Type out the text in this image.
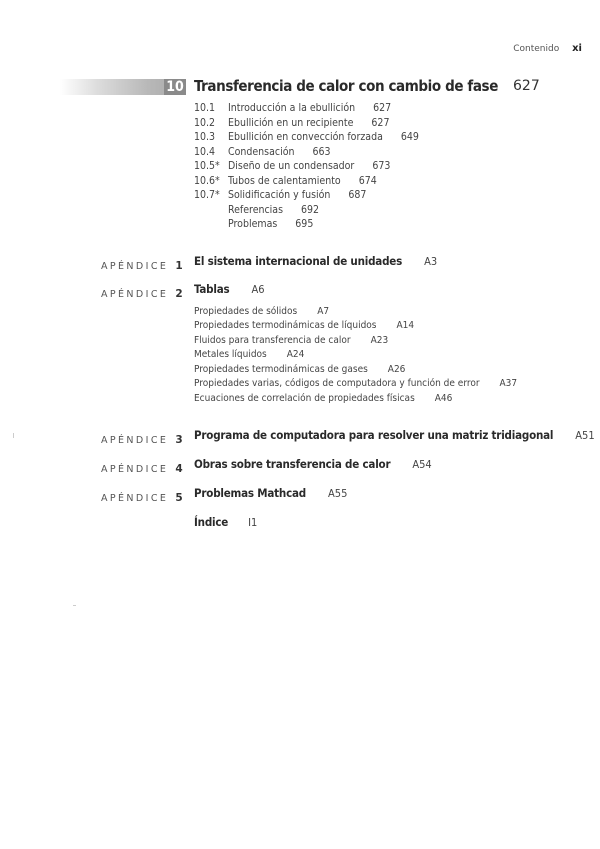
Contenido xi
10 Transferencia de calor con cambio de fase 627
10.1 Introducción a la ebullición 627
10.2 Ebullición en un recipiente 627
10.3 Ebullición en convección forzada 649
10.4 Condensación 663
10.5* Diseño de un condensador 673
10.6* Tubos de calentamiento 674
10.7* Solidificación y fusión 687
Referencias 692
Problemas 695
APÉNDICE 1 El sistema internacional de unidades A3
APÉNDICE 2 Tablas A6
Propiedades de sólidos A7
Propiedades termodinámicas de líquidos A14
Fluidos para transferencia de calor A23
Metales líquidos A24
Propiedades termodinámicas de gases A26
Propiedades varias, códigos de computadora y función de error A37
Ecuaciones de correlación de propiedades físicas A46
APÉNDICE 3 Programa de computadora para resolver una matriz tridiagonal A51
APÉNDICE 4 Obras sobre transferencia de calor A54
APÉNDICE 5 Problemas Mathcad A55
Índice I1
